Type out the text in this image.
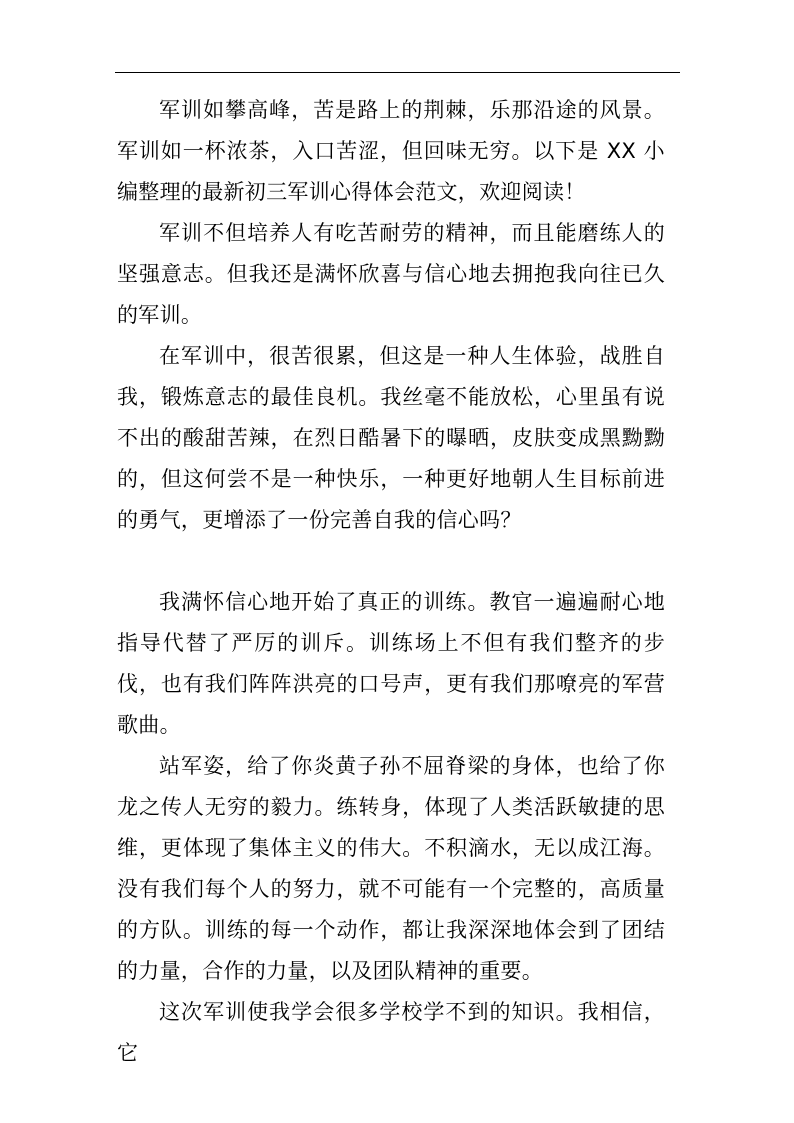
军训如攀高峰，苦是路上的荆棘，乐那沿途的风景。军训如一杯浓茶，入口苦涩，但回味无穷。以下是 XX 小编整理的最新初三军训心得体会范文，欢迎阅读！

军训不但培养人有吃苦耐劳的精神，而且能磨练人的坚强意志。但我还是满怀欣喜与信心地去拥抱我向往已久的军训。

在军训中，很苦很累，但这是一种人生体验，战胜自我，锻炼意志的最佳良机。我丝毫不能放松，心里虽有说不出的酸甜苦辣，在烈日酷暑下的曝晒，皮肤变成黑黝黝的，但这何尝不是一种快乐，一种更好地朝人生目标前进的勇气，更增添了一份完善自我的信心吗？

我满怀信心地开始了真正的训练。教官一遍遍耐心地指导代替了严厉的训斥。训练场上不但有我们整齐的步伐，也有我们阵阵洪亮的口号声，更有我们那嘹亮的军营歌曲。

站军姿，给了你炎黄子孙不屈脊梁的身体，也给了你龙之传人无穷的毅力。练转身，体现了人类活跃敏捷的思维，更体现了集体主义的伟大。不积滴水，无以成江海。没有我们每个人的努力，就不可能有一个完整的，高质量的方队。训练的每一个动作，都让我深深地体会到了团结的力量，合作的力量，以及团队精神的重要。

这次军训使我学会很多学校学不到的知识。我相信，它
